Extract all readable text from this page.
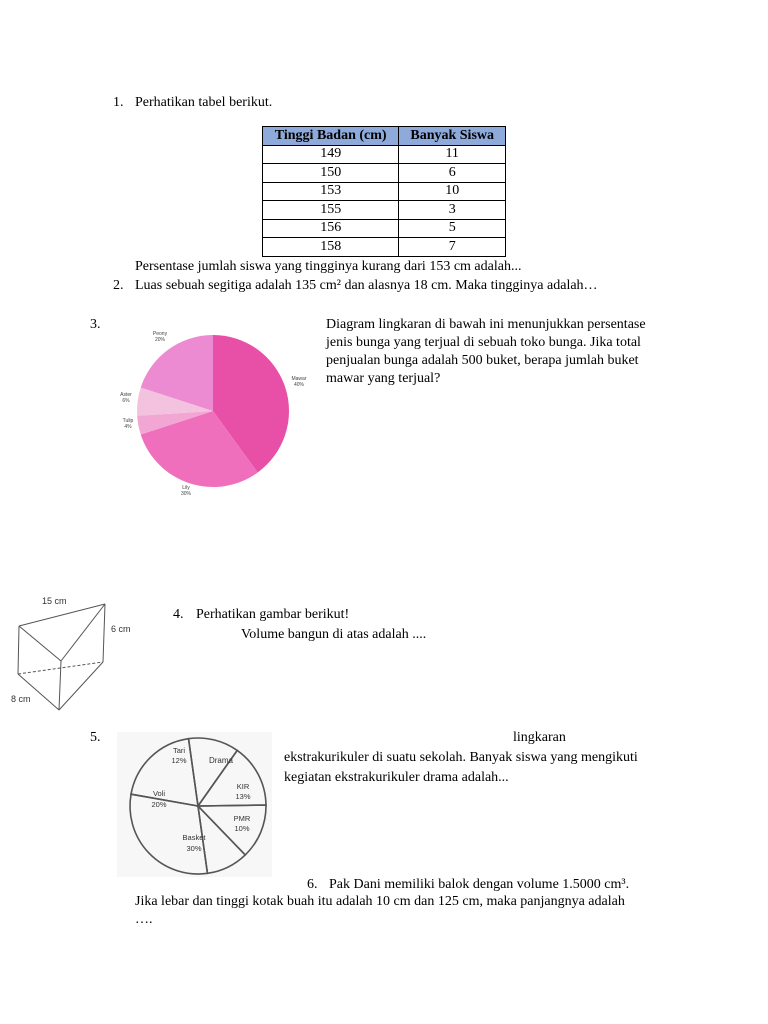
1. Perhatikan tabel berikut.
Tinggi Badan (cm)	Banyak Siswa
149	11
150	6
153	10
155	3
156	5
158	7
Persentase jumlah siswa yang tingginya kurang dari 153 cm adalah...
2. Luas sebuah segitiga adalah 135 cm² dan alasnya 18 cm. Maka tingginya adalah…
3.
Peony
20%
Mawar
40%
Aster
6%
Tulip
4%
Lily
30%
Diagram lingkaran di bawah ini menunjukkan persentase
jenis bunga yang terjual di sebuah toko bunga. Jika total
penjualan bunga adalah 500 buket, berapa jumlah buket
mawar yang terjual?
15 cm
6 cm
8 cm
4. Perhatikan gambar berikut!
Volume bangun di atas adalah ....
5.
Tari
12%	Drama
KIR
13%
PMR
10%
Basket
30%
Voli
20%
lingkaran
ekstrakurikuler di suatu sekolah. Banyak siswa yang mengikuti
kegiatan ekstrakurikuler drama adalah...
6. Pak Dani memiliki balok dengan volume 1.5000 cm³.
Jika lebar dan tinggi kotak buah itu adalah 10 cm dan 125 cm, maka panjangnya adalah
….
